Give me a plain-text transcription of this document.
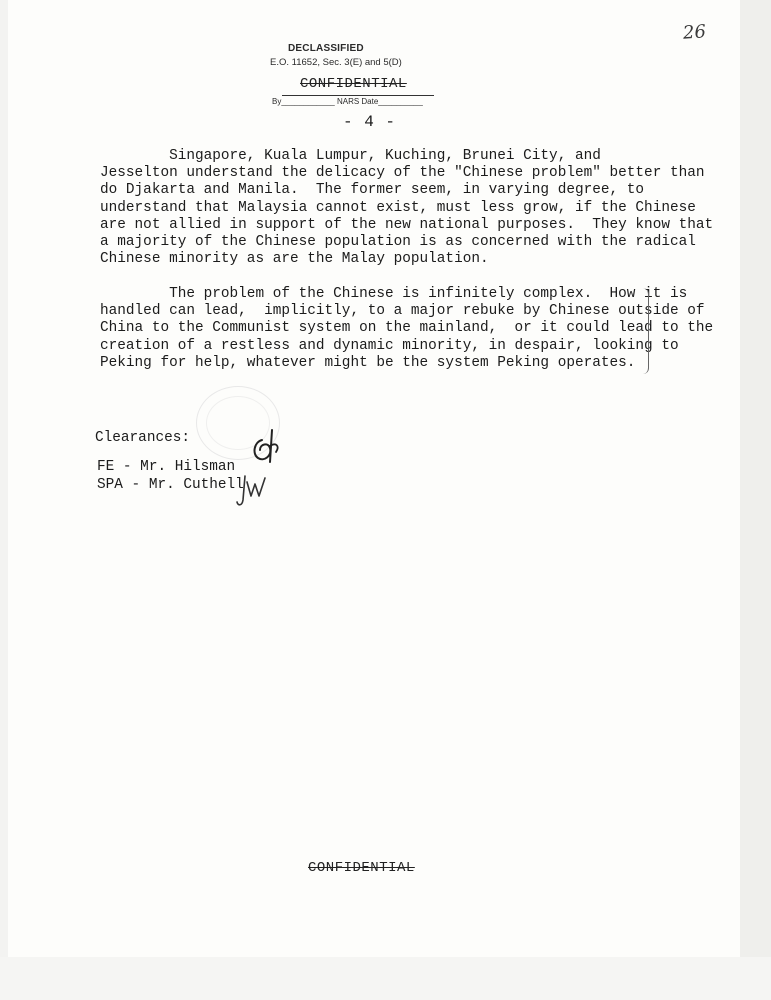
26
DECLASSIFIED
E.O. 11652, Sec. 3(E) and 5(D)
CONFIDENTIAL
By____________ NARS Date__________
- 4 -
Singapore, Kuala Lumpur, Kuching, Brunei City, and
Jesselton understand the delicacy of the "Chinese problem" better
do Djakarta and Manila.  The former seem, in varying degree, to
understand that Malaysia cannot exist, must less grow, if the
are not allied in support of the new national purposes.  They know
a majority of the Chinese population is as concerned with the
Chinese minority as are the Malay population.
The problem of the Chinese is infinitely complex.  How it
handled can lead,  implicitly, to a major rebuke by Chinese outside
China to the Communist system on the mainland,  or it could lead
creation of a restless and dynamic minority, in despair, looking
Peking for help, whatever might be the system Peking operates.
Clearances:
FE - Mr. Hilsman
SPA - Mr. Cuthell
CONFIDENTIAL
